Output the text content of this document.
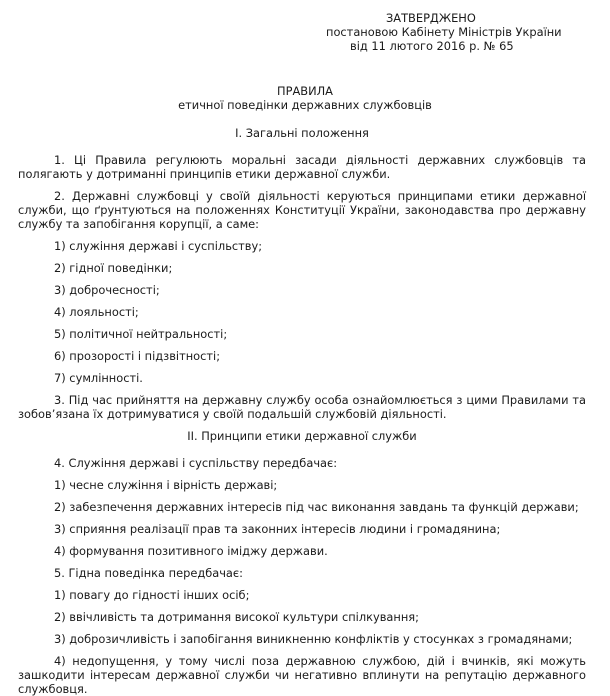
ЗАТВЕРДЖЕНО
постановою Кабінету Міністрів України
від 11 лютого 2016 р. № 65
ПРАВИЛА
етичної поведінки державних службовців
I. Загальні положення

1. Ці Правила регулюють моральні засади діяльності державних службовців та полягають у дотриманні принципів етики державної служби.

2. Державні службовці у своїй діяльності керуються принципами етики державної служби, що ґрунтуються на положеннях Конституції України, законодавства про державну службу та запобігання корупції, а саме:

1) служіння державі і суспільству;

2) гідної поведінки;

3) доброчесності;

4) лояльності;

5) політичної нейтральності;

6) прозорості і підзвітності;

7) сумлінності.

3. Під час прийняття на державну службу особа ознайомлюється з цими Правилами та зобов’язана їх дотримуватися у своїй подальшій службовій діяльності.

II. Принципи етики державної служби

4. Служіння державі і суспільству передбачає:

1) чесне служіння і вірність державі;

2) забезпечення державних інтересів під час виконання завдань та функцій держави;

3) сприяння реалізації прав та законних інтересів людини і громадянина;

4) формування позитивного іміджу держави.

5. Гідна поведінка передбачає:

1) повагу до гідності інших осіб;

2) ввічливість та дотримання високої культури спілкування;

3) доброзичливість і запобігання виникненню конфліктів у стосунках з громадянами;

4) недопущення, у тому числі поза державною службою, дій і вчинків, які можуть зашкодити інтересам державної служби чи негативно вплинути на репутацію державного службовця.
